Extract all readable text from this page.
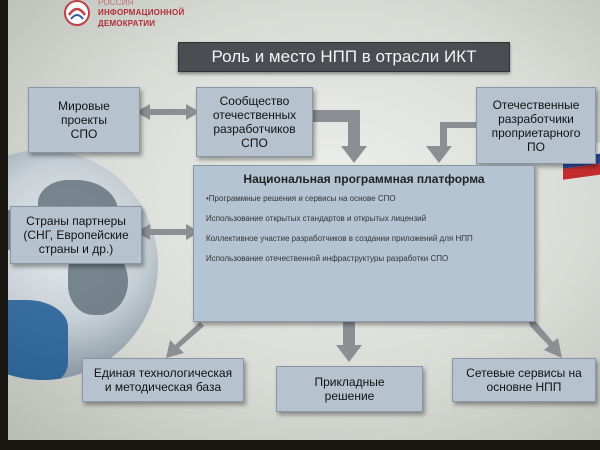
РОССИЯ
ИНФОРМАЦИОННОЙ
ДЕМОКРАТИИ
Роль и место НПП в отрасли ИКТ
Мировые
проекты
СПО
Сообщество
отечественных
разработчиков
СПО
Отечественные
разработчики
проприетарного
ПО
Страны партнеры
(СНГ, Европейские
страны и др.)
Национальная программная платформа
•Программные решения и сервисы на основе СПО
Использование открытых стандартов и открытых лицензий
Коллективное участие разработчиков в создании приложений для НПП
Использование отечественной инфраструктуры разработки СПО
Единая технологическая
и методическая база	Прикладные
решение
Сетевые сервисы на
основне НПП
